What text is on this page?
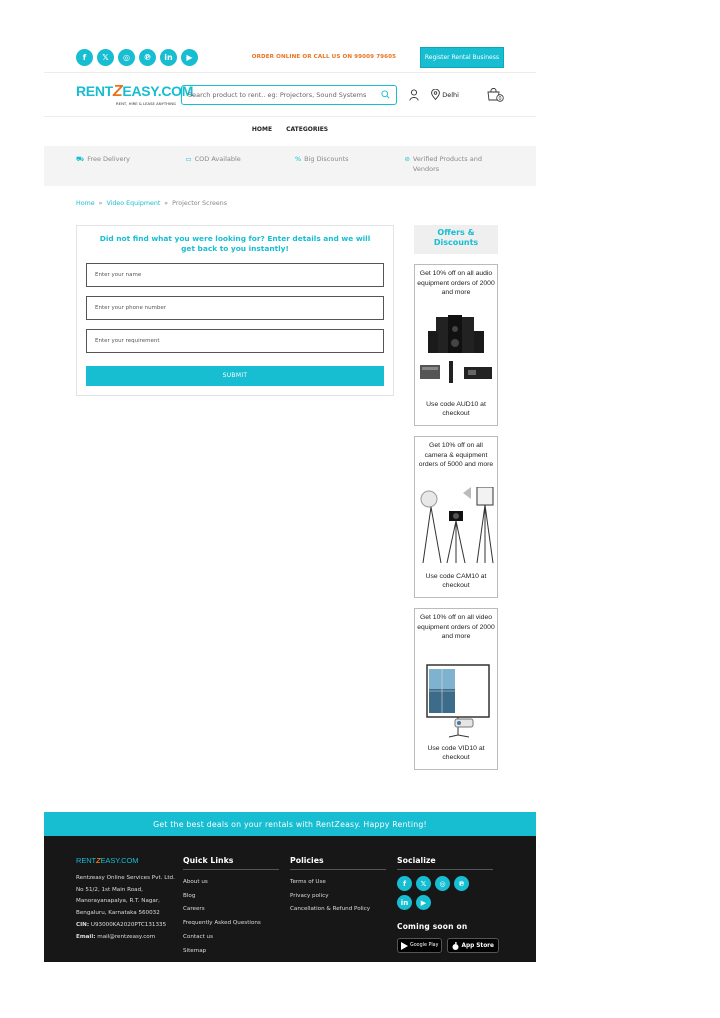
f	𝕏	◎	℗	in	▶	ORDER ONLINE OR CALL US ON 99009 79605	Register Rental Business
RENTZEASY.COM
RENT, HIRE & LEASE ANYTHING
Search product to rent.. eg: Projectors, Sound Systems	Delhi
0
HOME CATEGORIES
⛟ Free Delivery	▭ COD Available	% Big Discounts	⊘ Verified Products and Vendors
Home » Video Equipment » Projector Screens
Did not find what you were looking for? Enter details and we will get back to you instantly!
Enter your name
Enter your phone number
Enter your requirement
SUBMIT
Offers & Discounts
Get 10% off on all audio equipment orders of 2000 and more
Use code AUD10 at checkout
Get 10% off on all camera & equipment orders of 5000 and more
Use code CAM10 at checkout
Get 10% off on all video equipment orders of 2000 and more
Use code VID10 at checkout
Get the best deals on your rentals with RentZeasy. Happy Renting!
RENTZEASY.COM
Rentzeasy Online Services Pvt. Ltd. No 51/2, 1st Main Road, Manorayanapalya, R.T. Nagar, Bengaluru, Karnataka 560032
CIN: U93000KA2020PTC131335
Email: mail@rentzeasy.com
Quick Links
About us
Blog
Careers
Frequently Asked Questions
Contact us
Sitemap
Policies
Terms of Use
Privacy policy
Cancellation & Refund Policy
Socialize
f	𝕏	◎	℗
in	▶
Coming soon on
Google Play	App Store
